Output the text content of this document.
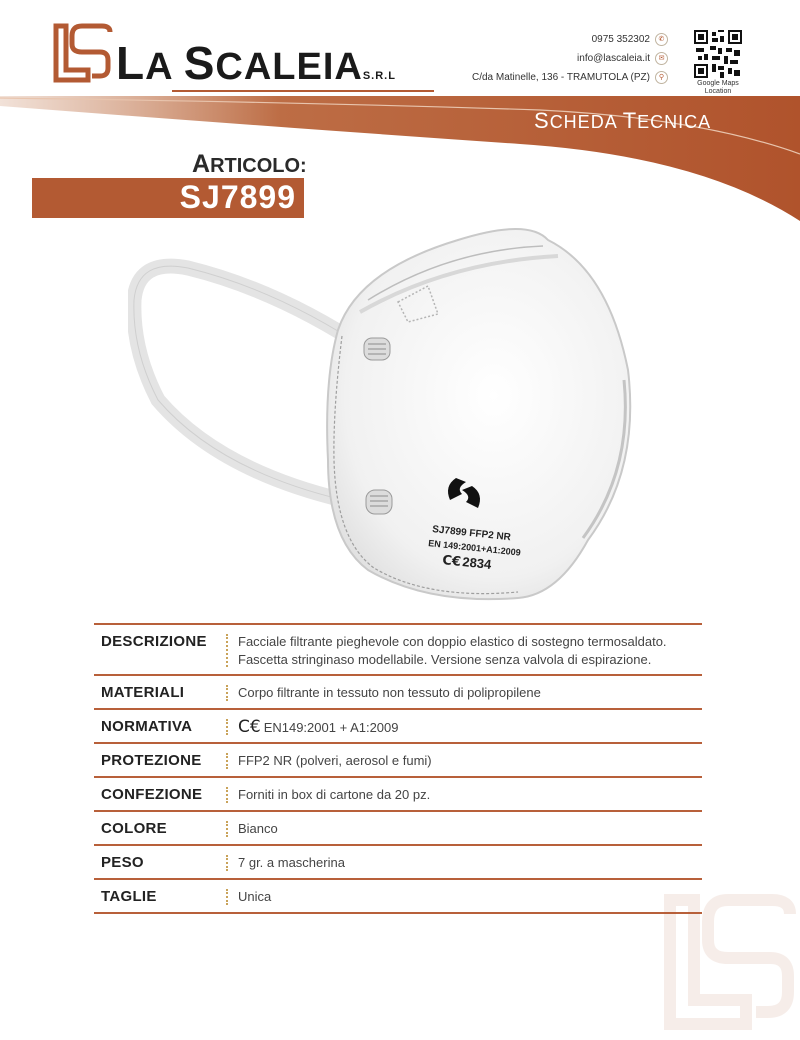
LA SCALEIAS.R.L
0975 352302	✆
info@lascaleia.it	✉
C/da Matinelle, 136 - TRAMUTOLA (PZ)	⚲
Google Maps Location
SCHEDA TECNICA
ARTICOLO:
SJ7899
SJ7899 FFP2 NR
EN 149:2001+A1:2009
C€ 2834
DESCRIZIONE	Facciale filtrante pieghevole con doppio elastico di sostegno termosaldato. Fascetta stringinaso modellabile. Versione senza valvola di espirazione.
MATERIALI	Corpo filtrante in tessuto non tessuto di polipropilene
NORMATIVA	C€ EN149:2001 + A1:2009
PROTEZIONE	FFP2 NR (polveri, aerosol e fumi)
CONFEZIONE	Forniti in box di cartone da 20 pz.
COLORE	Bianco
PESO	7 gr. a mascherina
TAGLIE	Unica
